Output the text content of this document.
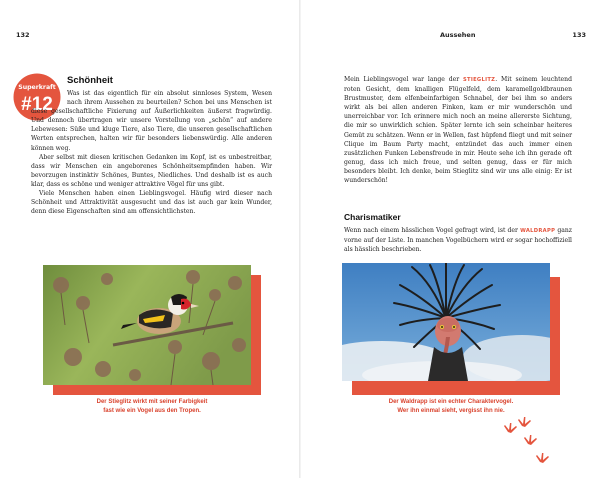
132
Superkraft
#12
Schönheit

Was ist das eigentlich für ein absolut sinnloses System, Wesen nach ihrem Aussehen zu beurteilen? Schon bei uns Menschen ist diese gesellschaftliche Fixierung auf Äußerlichkeiten äußerst fragwürdig. Und dennoch übertragen wir unsere Vorstellung von „schön“ auf andere Lebewesen: Süße und kluge Tiere, also Tiere, die unseren gesellschaftlichen Werten entsprechen, halten wir für besonders liebenswürdig. Alle anderen können weg.

Aber selbst mit diesen kritischen Gedanken im Kopf, ist es unbestreitbar, dass wir Menschen ein angeborenes Schönheitsempfinden haben. Wir bevorzugen instinktiv Schönes, Buntes, Niedliches. Und deshalb ist es auch klar, dass es schöne und weniger attraktive Vögel für uns gibt.

Viele Menschen haben einen Lieblingsvogel. Häufig wird dieser nach Schönheit und Attraktivität ausgesucht und das ist auch gar kein Wunder, denn diese Eigenschaften sind am offensichtlichsten.

Der Stieglitz wirkt mit seiner Farbigkeit
fast wie ein Vogel aus den Tropen.
Aussehen	133

Mein Lieblingsvogel war lange der STIEGLITZ. Mit seinem leuchtend roten Gesicht, dem knalligen Flügelfeld, dem karamellgoldbraunen Brustmuster, dem elfenbeinfarbigen Schnabel, der bei ihm so anders wirkt als bei allen anderen Finken, kam er mir wunderschön und unerreichbar vor. Ich erinnere mich noch an meine allererste Sichtung, die mir so unwirklich schien. Später lernte ich sein scheinbar heiteres Gemüt zu schätzen. Wenn er in Wellen, fast hüpfend fliegt und mit seiner Clique im Baum Party macht, entzündet das auch immer einen zusätzlichen Funken Lebensfreude in mir. Heute sehe ich ihn gerade oft genug, dass ich mich freue, und selten genug, dass er für mich besonders bleibt. Ich denke, beim Stieglitz sind wir uns alle einig: Er ist wunderschön!

Charismatiker

Wenn nach einem hässlichen Vogel gefragt wird, ist der WALDRAPP ganz vorne auf der Liste. In manchen Vogelbüchern wird er sogar hochoffiziell als hässlich beschrieben.

Der Waldrapp ist ein echter Charaktervogel.
Wer ihn einmal sieht, vergisst ihn nie.
